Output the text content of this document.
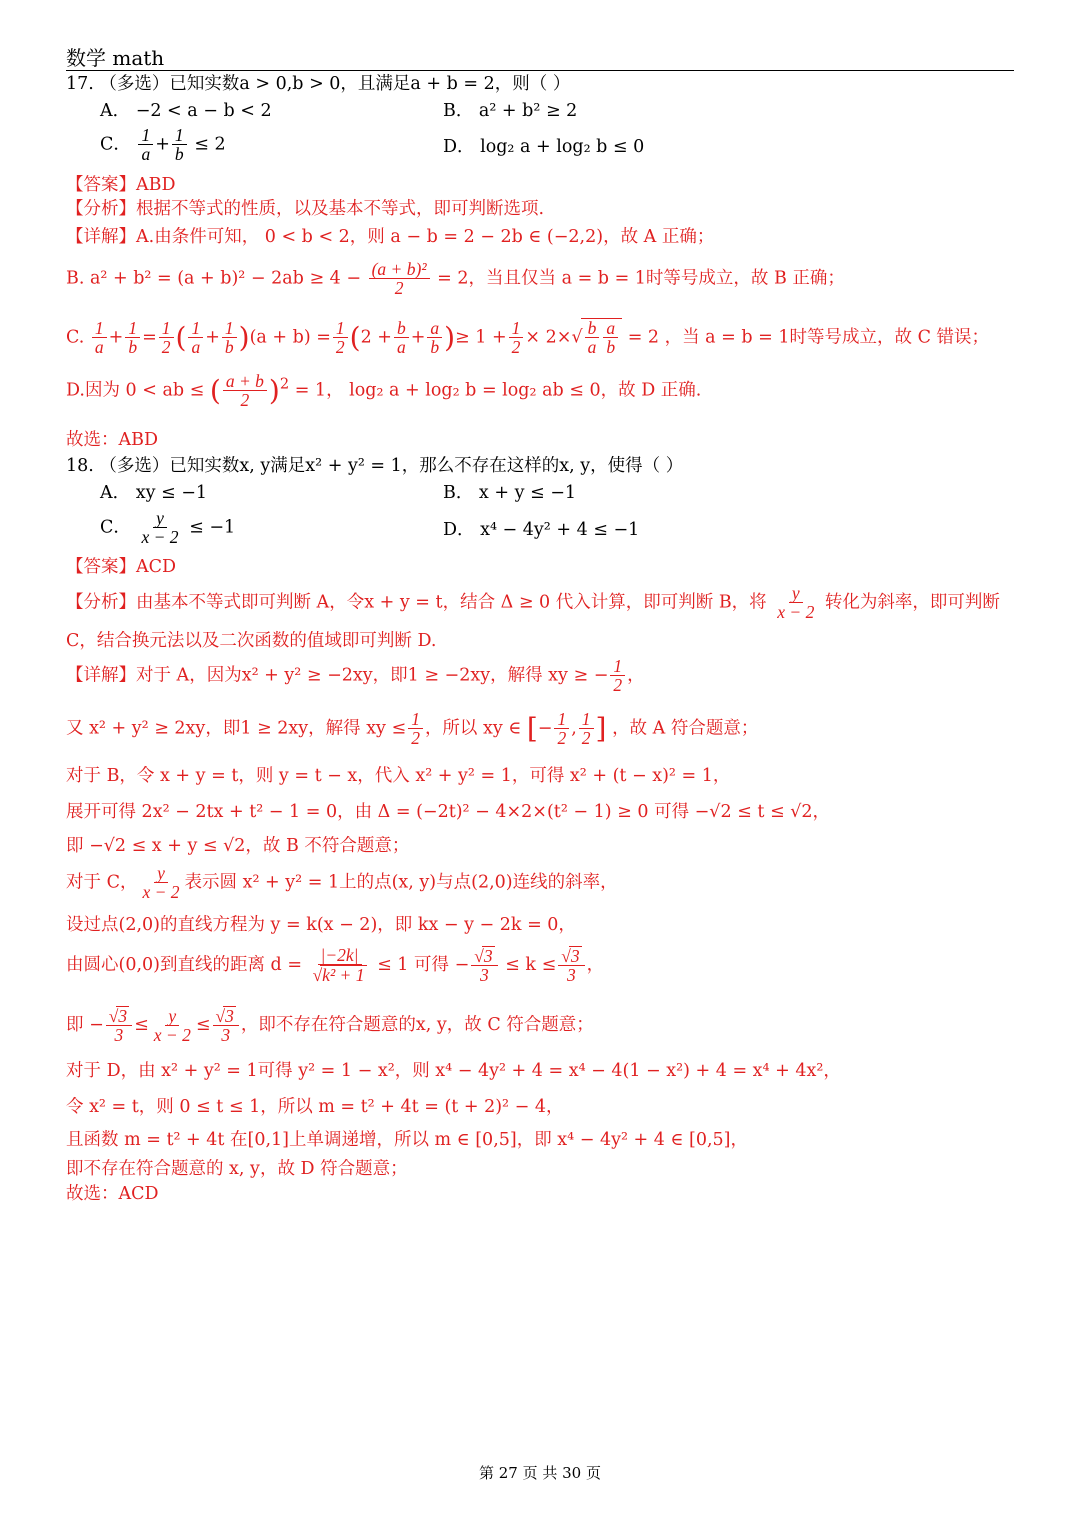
数学 math
17. （多选）已知实数a > 0,b > 0，且满足a + b = 2，则（ ）
A． −2 < a − b < 2	B． a² + b² ≥ 2
C． $\frac{1}{a} + \frac{1}{b} \le 2$	D． log₂ a + log₂ b ≤ 0
【答案】ABD
【分析】根据不等式的性质，以及基本不等式，即可判断选项.
【详解】A.由条件可知， 0 < b < 2，则 a − b = 2 − 2b ∈ (−2,2)，故 A 正确；
B. $a^2 + b^2 = (a + b)^2 - 2ab \ge 4 - \frac{\text{(a + b)²}}{2} = 2$，当且仅当 a = b = 1时等号成立，故 B 正确；
C. $\frac{1}{a} + \frac{1}{b} = \frac{1}{2}$ ( $\frac{1}{a} + \frac{1}{b} )(a + b) = \frac{1}{2} (2 + \frac{b}{a} + \frac{a}{b}$ )≥ $1 + \frac{1}{2} \times 2\times√ \frac{b}{a} \frac{a}{b} = 2$ ，当 a = b = 1时等号成立，故 C 错误；
D.因为 0 < ab ≤ ( $\frac{a + b}{2} )^2 = 1$， log₂ a + log₂ b = log₂ ab ≤ 0，故 D 正确.
故选：ABD
18. （多选）已知实数x, y满足x² + y² = 1，那么不存在这样的x, y，使得（ ）
A． xy ≤ −1	B． x + y ≤ −1
C． $\frac{y}{x - 2} \le -1$	D． x⁴ − 4y² + 4 ≤ −1
【答案】ACD
【分析】由基本不等式即可判断 A，令x + y = t，结合 Δ ≥ 0 代入计算，即可判断 B，将 $\frac{y}{x - 2}$ 转化为斜率，即可判断
C，结合换元法以及二次函数的值域即可判断 D.
【详解】对于 A，因为x² + y² ≥ −2xy，即1 ≥ −2xy，解得 xy ≥ − $\frac{1}{2}$ ，
又 x² + y² ≥ 2xy，即1 ≥ 2xy，解得 xy ≤ $\frac{1}{2}$ ，所以 xy ∈ [− $\frac{1}{2}$ , $\frac{1}{2}$ ] ，故 A 符合题意；
对于 B，令 x + y = t，则 y = t − x，代入 x² + y² = 1，可得 x² + (t − x)² = 1，
展开可得 2x² − 2tx + t² − 1 = 0，由 Δ = (−2t)² − 4×2×(t² − 1) ≥ 0 可得 −√2 ≤ t ≤ √2，
即 −√2 ≤ x + y ≤ √2，故 B 不符合题意；
对于 C， $\frac{y}{x - 2}$ 表示圆 x² + y² = 1上的点(x, y)与点(2,0)连线的斜率，
设过点(2,0)的直线方程为 y = k(x − 2)，即 kx − y − 2k = 0，
由圆心(0,0)到直线的距离 $d = \frac{|-2k|}{\text{√k² + 1}} \le 1$ 可得 − $\frac{√3}{3} \le k \le \frac{√3}{3}$ ，
即 − $\frac{√3}{3} \le \frac{y}{x - 2} \le \frac{√3}{3}$ ，即不存在符合题意的x, y，故 C 符合题意；
对于 D，由 x² + y² = 1可得 y² = 1 − x²，则 x⁴ − 4y² + 4 = x⁴ − 4(1 − x²) + 4 = x⁴ + 4x²，
令 x² = t，则 0 ≤ t ≤ 1，所以 m = t² + 4t = (t + 2)² − 4，
且函数 m = t² + 4t 在[0,1]上单调递增，所以 m ∈ [0,5]，即 x⁴ − 4y² + 4 ∈ [0,5]，
即不存在符合题意的 x, y，故 D 符合题意；
故选：ACD
第 27 页 共 30 页
